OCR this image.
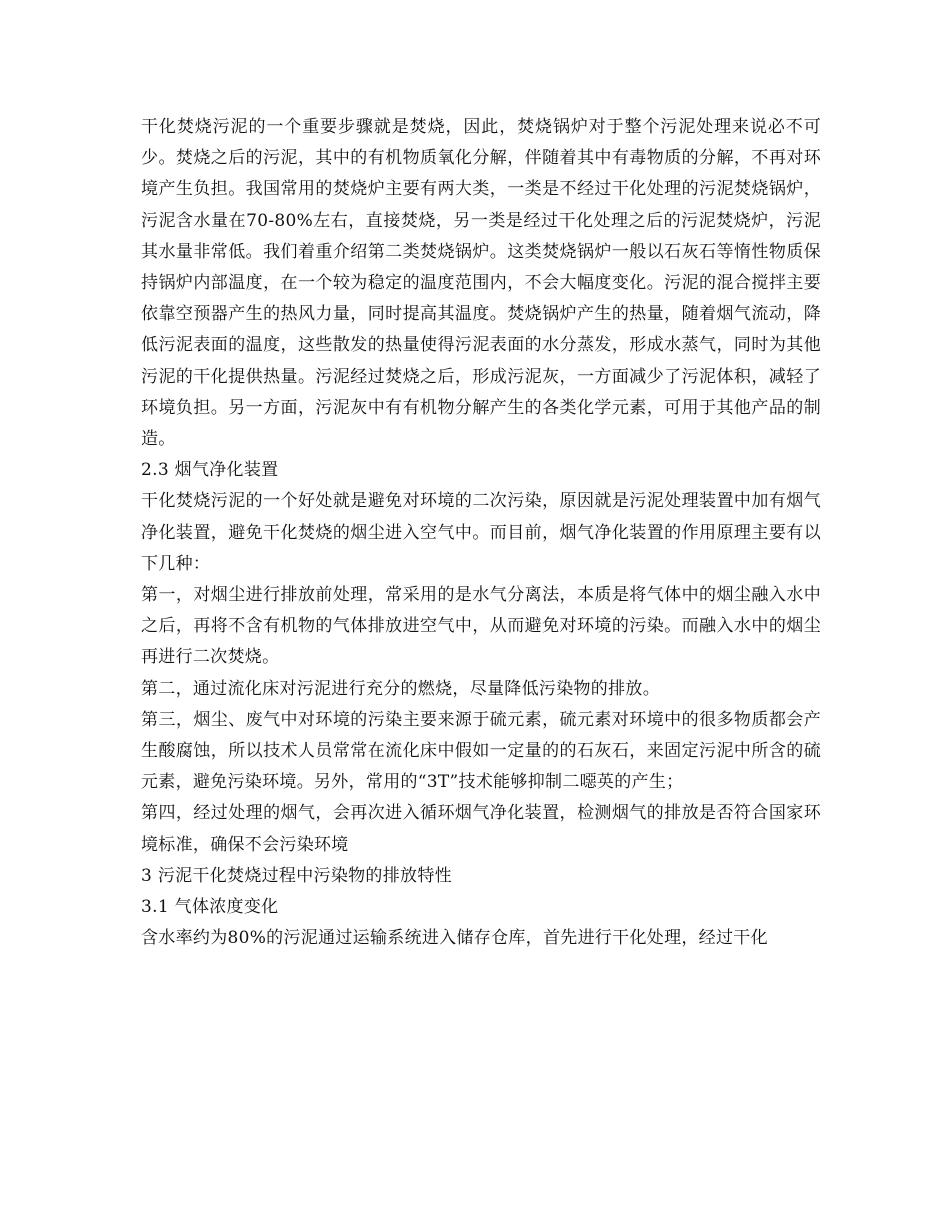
干化焚烧污泥的一个重要步骤就是焚烧，因此，焚烧锅炉对于整个污泥处理来说必不可少。焚烧之后的污泥，其中的有机物质氧化分解，伴随着其中有毒物质的分解，不再对环境产生负担。我国常用的焚烧炉主要有两大类，一类是不经过干化处理的污泥焚烧锅炉，污泥含水量在70-80%左右，直接焚烧，另一类是经过干化处理之后的污泥焚烧炉，污泥其水量非常低。我们着重介绍第二类焚烧锅炉。这类焚烧锅炉一般以石灰石等惰性物质保持锅炉内部温度，在一个较为稳定的温度范围内，不会大幅度变化。污泥的混合搅拌主要依靠空预器产生的热风力量，同时提高其温度。焚烧锅炉产生的热量，随着烟气流动，降低污泥表面的温度，这些散发的热量使得污泥表面的水分蒸发，形成水蒸气，同时为其他污泥的干化提供热量。污泥经过焚烧之后，形成污泥灰，一方面减少了污泥体积，减轻了环境负担。另一方面，污泥灰中有有机物分解产生的各类化学元素，可用于其他产品的制造。

2.3 烟气净化装置

干化焚烧污泥的一个好处就是避免对环境的二次污染，原因就是污泥处理装置中加有烟气净化装置，避免干化焚烧的烟尘进入空气中。而目前，烟气净化装置的作用原理主要有以下几种：

第一，对烟尘进行排放前处理，常采用的是水气分离法，本质是将气体中的烟尘融入水中之后，再将不含有机物的气体排放进空气中，从而避免对环境的污染。而融入水中的烟尘再进行二次焚烧。

第二，通过流化床对污泥进行充分的燃烧，尽量降低污染物的排放。

第三，烟尘、废气中对环境的污染主要来源于硫元素，硫元素对环境中的很多物质都会产生酸腐蚀，所以技术人员常常在流化床中假如一定量的的石灰石，来固定污泥中所含的硫元素，避免污染环境。另外，常用的“3T”技术能够抑制二噁英的产生；

第四，经过处理的烟气，会再次进入循环烟气净化装置，检测烟气的排放是否符合国家环境标准，确保不会污染环境

3 污泥干化焚烧过程中污染物的排放特性

3.1 气体浓度变化

含水率约为80%的污泥通过运输系统进入储存仓库，首先进行干化处理，经过干化
